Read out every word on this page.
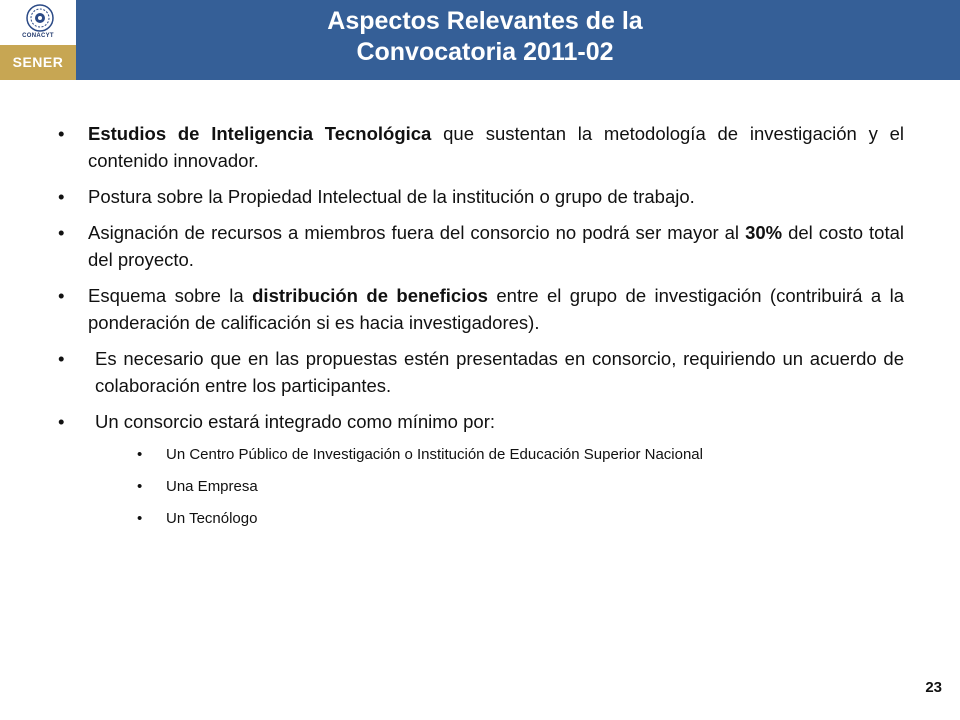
CONACYT
SENER
Aspectos Relevantes de la
Convocatoria 2011-02
• Estudios de Inteligencia Tecnológica que sustentan la metodología de investigación y el contenido innovador.
• Postura sobre la Propiedad Intelectual de la institución o grupo de trabajo.
• Asignación de recursos a miembros fuera del consorcio no podrá ser mayor al 30% del costo total del proyecto.
• Esquema sobre la distribución de beneficios entre el grupo de investigación (contribuirá a la ponderación de calificación si es hacia investigadores).
• Es necesario que en las propuestas estén presentadas en consorcio, requiriendo un acuerdo de colaboración entre los participantes.
• Un consorcio estará integrado como mínimo por:
• Un Centro Público de Investigación o Institución de Educación Superior Nacional
• Una Empresa
• Un Tecnólogo
23
